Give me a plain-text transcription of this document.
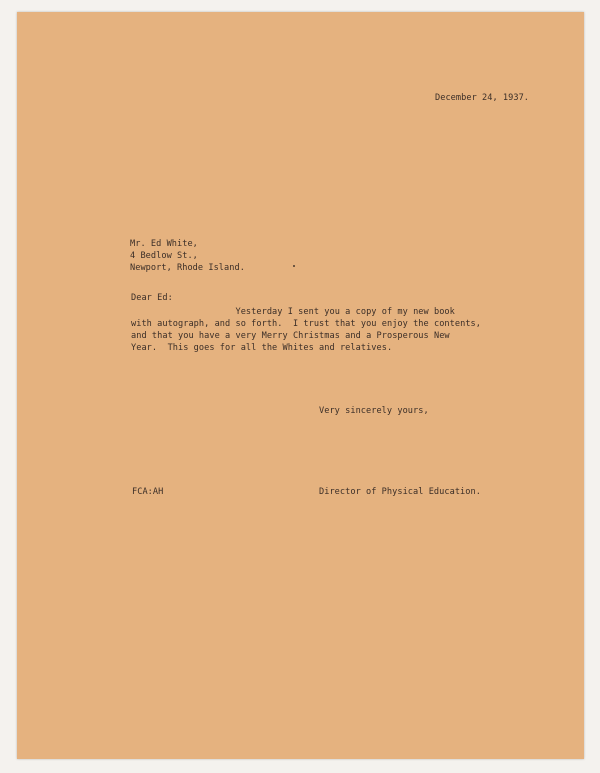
December 24, 1937.
Mr. Ed White,
4 Bedlow St.,
Newport, Rhode Island.
Dear Ed:
Yesterday I sent you a copy of my new book
with autograph, and so forth.  I trust that you enjoy the contents,
and that you have a very Merry Christmas and a Prosperous New
Year.  This goes for all the Whites and relatives.
Very sincerely yours,
FCA:AH	Director of Physical Education.
